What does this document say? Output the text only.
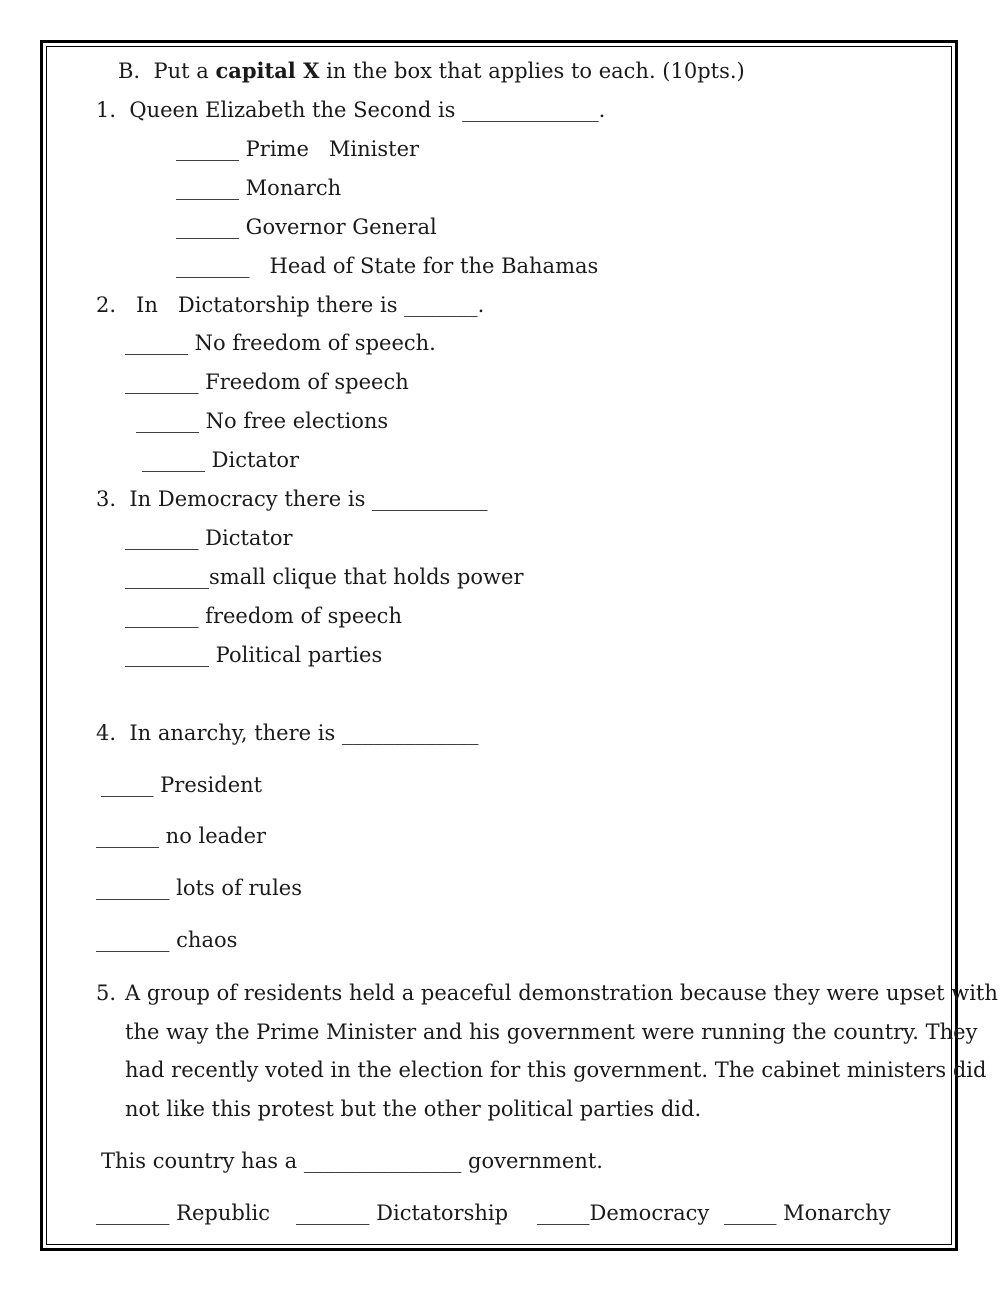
B.  Put a capital X in the box that applies to each. (10pts.)
1.  Queen Elizabeth the Second is _____________.
______ Prime   Minister
______ Monarch
______ Governor General
_______   Head of State for the Bahamas
2.   In   Dictatorship there is _______.
______ No freedom of speech.
_______ Freedom of speech
______ No free elections
______ Dictator
3.  In Democracy there is ___________
_______ Dictator
________small clique that holds power
_______ freedom of speech
________ Political parties
4.  In anarchy, there is _____________
_____ President
______ no leader
_______ lots of rules
_______ chaos
5. A group of residents held a peaceful demonstration because they were upset with
the way the Prime Minister and his government were running the country. They
had recently voted in the election for this government. The cabinet ministers did
not like this protest but the other political parties did.
This country has a _______________ government.
_______ Republic _______ Dictatorship _____Democracy _____ Monarchy
